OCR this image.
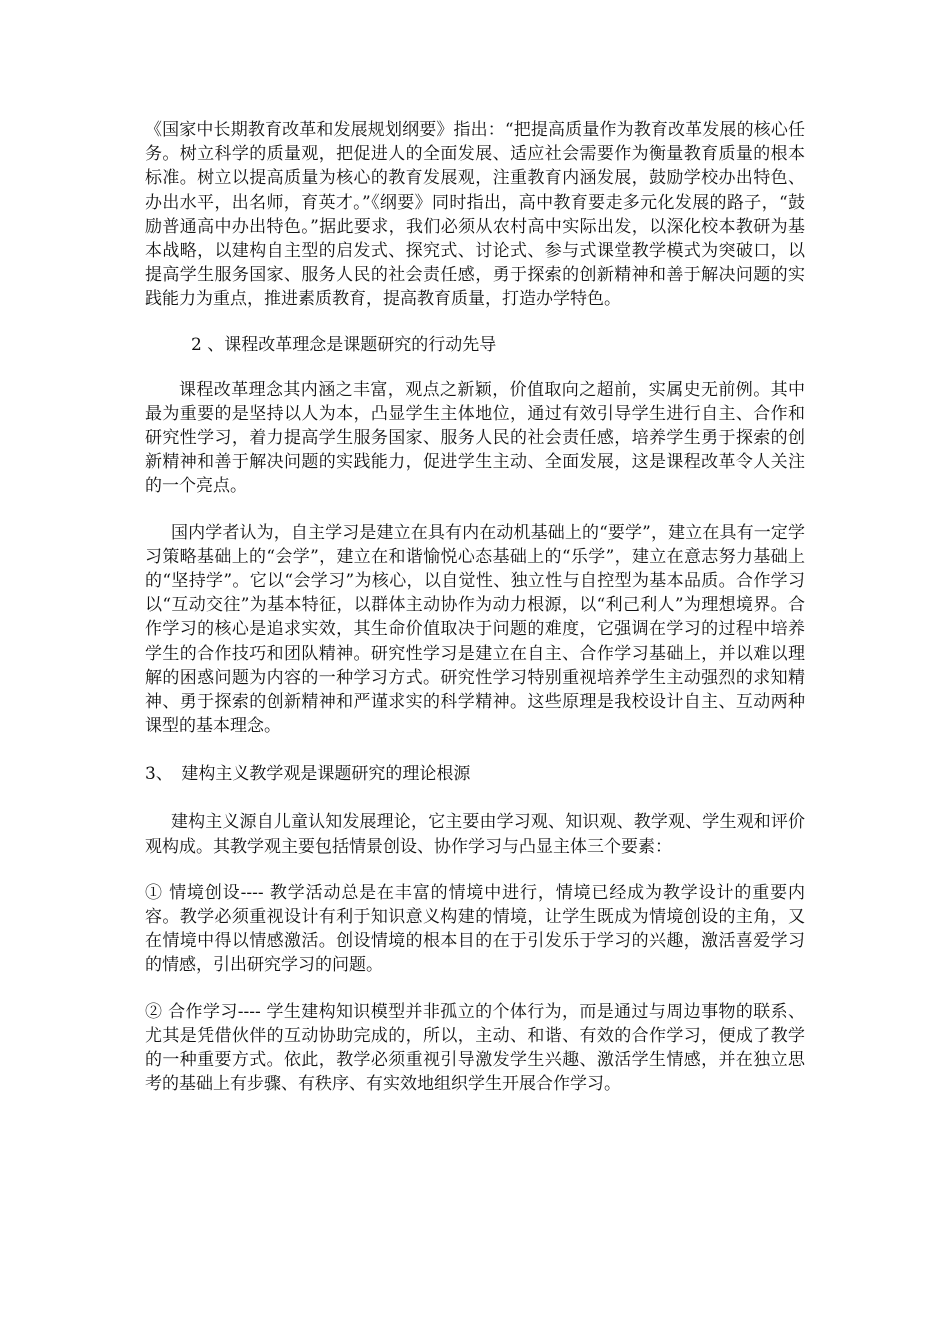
《国家中长期教育改革和发展规划纲要》指出：“把提高质量作为教育改革发展的核心任务。树立科学的质量观，把促进人的全面发展、适应社会需要作为衡量教育质量的根本标准。树立以提高质量为核心的教育发展观，注重教育内涵发展，鼓励学校办出特色、办出水平，出名师，育英才。”《纲要》同时指出，高中教育要走多元化发展的路子，“鼓励普通高中办出特色。”据此要求，我们必须从农村高中实际出发，以深化校本教研为基本战略，以建构自主型的启发式、探究式、讨论式、参与式课堂教学模式为突破口，以提高学生服务国家、服务人民的社会责任感，勇于探索的创新精神和善于解决问题的实践能力为重点，推进素质教育，提高教育质量，打造办学特色。

2 、课程改革理念是课题研究的行动先导

课程改革理念其内涵之丰富，观点之新颖，价值取向之超前，实属史无前例。其中最为重要的是坚持以人为本，凸显学生主体地位，通过有效引导学生进行自主、合作和研究性学习，着力提高学生服务国家、服务人民的社会责任感，培养学生勇于探索的创新精神和善于解决问题的实践能力，促进学生主动、全面发展，这是课程改革令人关注的一个亮点。

国内学者认为，自主学习是建立在具有内在动机基础上的“要学”，建立在具有一定学习策略基础上的“会学”，建立在和谐愉悦心态基础上的“乐学”，建立在意志努力基础上的“坚持学”。它以“会学习”为核心，以自觉性、独立性与自控型为基本品质。合作学习以“互动交往”为基本特征，以群体主动协作为动力根源，以“利己利人”为理想境界。合作学习的核心是追求实效，其生命价值取决于问题的难度，它强调在学习的过程中培养学生的合作技巧和团队精神。研究性学习是建立在自主、合作学习基础上，并以难以理解的困惑问题为内容的一种学习方式。研究性学习特别重视培养学生主动强烈的求知精神、勇于探索的创新精神和严谨求实的科学精神。这些原理是我校设计自主、互动两种课型的基本理念。

3、　建构主义教学观是课题研究的理论根源

建构主义源自儿童认知发展理论，它主要由学习观、知识观、教学观、学生观和评价观构成。其教学观主要包括情景创设、协作学习与凸显主体三个要素：

① 情境创设---- 教学活动总是在丰富的情境中进行，情境已经成为教学设计的重要内容。教学必须重视设计有利于知识意义构建的情境，让学生既成为情境创设的主角，又在情境中得以情感激活。创设情境的根本目的在于引发乐于学习的兴趣，激活喜爱学习的情感，引出研究学习的问题。

② 合作学习---- 学生建构知识模型并非孤立的个体行为，而是通过与周边事物的联系、尤其是凭借伙伴的互动协助完成的，所以，主动、和谐、有效的合作学习，便成了教学的一种重要方式。依此，教学必须重视引导激发学生兴趣、激活学生情感，并在独立思考的基础上有步骤、有秩序、有实效地组织学生开展合作学习。
